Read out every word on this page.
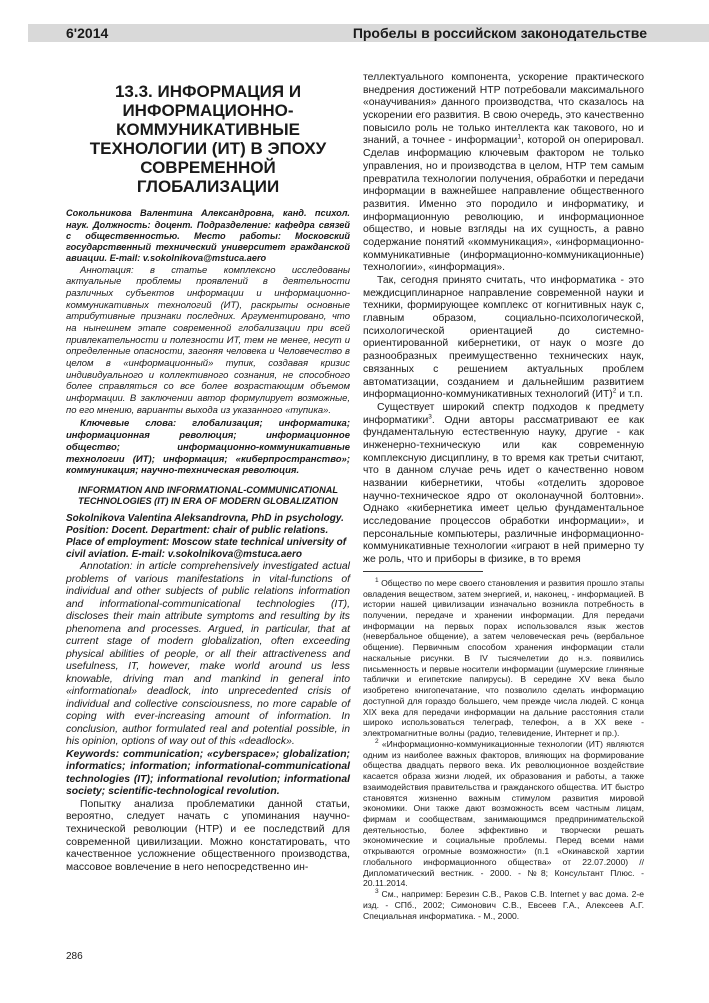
6'2014	Пробелы в российском законодательстве
13.3. ИНФОРМАЦИЯ И ИНФОРМАЦИОННО-КОММУНИКАТИВНЫЕ ТЕХНОЛОГИИ (ИТ) В ЭПОХУ СОВРЕМЕННОЙ ГЛОБАЛИЗАЦИИ

Сокольникова Валентина Александровна, канд. психол. наук. Должность: доцент. Подразделение: кафедра связей с общественностью. Место работы: Московский государственный технический университет гражданской авиации. E-mail: v.sokolnikova@mstuca.aero

Аннотация: в статье комплексно исследованы актуальные проблемы проявлений в деятельности различных субъектов информации и информационно-коммуникативных технологий (ИТ), раскрыты основные атрибутивные признаки последних. Аргументировано, что на нынешнем этапе современной глобализации при всей привлекательности и полезности ИТ, тем не менее, несут и определенные опасности, загоняя человека и Человечество в целом в «информационный» тупик, создавая кризис индивидуального и коллективного сознания, не способного более справляться со все более возрастающим объемом информации. В заключении автор формулирует возможные, по его мнению, варианты выхода из указанного «тупика».

Ключевые слова: глобализация; информатика; информационная революция; информационное общество; информационно-коммуникативные технологии (ИТ); информация; «киберпространство»; коммуникация; научно-техническая революция.

INFORMATION AND INFORMATIONAL-COMMUNICATIONAL TECHNOLOGIES (IT) IN ERA OF MODERN GLOBALIZATION

Sokolnikova Valentina Aleksandrovna, PhD in psychology. Position: Docent. Department: chair of public relations. Place of employment: Moscow state technical university of civil aviation. E-mail: v.sokolnikova@mstuca.aero

Annotation: in article comprehensively investigated actual problems of various manifestations in vital-functions of individual and other subjects of public relations information and informational-communicational technologies (IT), discloses their main attribute symptoms and resulting by its phenomena and processes. Argued, in particular, that at current stage of modern globalization, often exceeding physical abilities of people, or all their attractiveness and usefulness, IT, however, make world around us less knowable, driving man and mankind in general into «informational» deadlock, into unprecedented crisis of individual and collective consciousness, no more capable of coping with ever-increasing amount of information. In conclusion, author formulated real and potential possible, in his opinion, options of way out of this «deadlock».

Keywords: communication; «cyberspace»; globalization; informatics; information; informational-communicational technologies (IT); informational revolution; informational society; scientific-technological revolution.

Попытку анализа проблематики данной статьи, вероятно, следует начать с упоминания научно-технической революции (НТР) и ее последствий для современной цивилизации. Можно констатировать, что качественное усложнение общественного производства, массовое вовлечение в него непосредственно ин-

теллектуального компонента, ускорение практического внедрения достижений НТР потребовали максимального «онаучивания» данного производства, что сказалось на ускорении его развития. В свою очередь, это качественно повысило роль не только интеллекта как такового, но и знаний, а точнее - информации$^1$, которой он оперировал. Сделав информацию ключевым фактором не только управления, но и производства в целом, НТР тем самым превратила технологии получения, обработки и передачи информации в важнейшее направление общественного развития. Именно это породило и информатику, и информационную революцию, и информационное общество, и новые взгляды на их сущность, а равно содержание понятий «коммуникация», «информационно-коммуникативные (информационно-коммуникационные) технологии», «информация».

Так, сегодня принято считать, что информатика - это междисциплинарное направление современной науки и техники, формирующее комплекс от когнитивных наук с, главным образом, социально-психологической, психологической ориентацией до системно-ориентированной кибернетики, от наук о мозге до разнообразных преимущественно технических наук, связанных с решением актуальных проблем автоматизации, созданием и дальнейшим развитием информационно-коммуникативных технологий (ИТ)$^2$ и т.п.

Существует широкий спектр подходов к предмету информатики$^3$. Одни авторы рассматривают ее как фундаментальную естественную науку, другие - как инженерно-техническую или как современную комплексную дисциплину, в то время как третьи считают, что в данном случае речь идет о качественно новом названии кибернетики, чтобы «отделить здоровое научно-техническое ядро от околонаучной болтовни». Однако «кибернетика имеет целью фундаментальное исследование процессов обработки информации», и персональные компьютеры, различные информационно-коммуникативные технологии «играют в ней примерно ту же роль, что и приборы в физике, в то время

$^1$ Общество по мере своего становления и развития прошло этапы овладения веществом, затем энергией, и, наконец, - информацией. В истории нашей цивилизации изначально возникла потребность в получении, передаче и хранении информации. Для передачи информации на первых порах использовался язык жестов (невербальное общение), а затем человеческая речь (вербальное общение). Первичным способом хранения информации стали наскальные рисунки. В IV тысячелетии до н.э. появились письменность и первые носители информации (шумерские глиняные таблички и египетские папирусы). В середине XV века было изобретено книгопечатание, что позволило сделать информацию доступной для гораздо большего, чем прежде числа людей. С конца XIX века для передачи информации на дальние расстояния стали широко использоваться телеграф, телефон, а в XX веке - электромагнитные волны (радио, телевидение, Интернет и пр.).

$^2$ «Информационно-коммуникационные технологии (ИТ) являются одним из наиболее важных факторов, влияющих на формирование общества двадцать первого века. Их революционное воздействие касается образа жизни людей, их образования и работы, а также взаимодействия правительства и гражданского общества. ИТ быстро становятся жизненно важным стимулом развития мировой экономики. Они также дают возможность всем частным лицам, фирмам и сообществам, занимающимся предпринимательской деятельностью, более эффективно и творчески решать экономические и социальные проблемы. Перед всеми нами открываются огромные возможности» (п.1 «Окинавской хартии глобального информационного общества» от 22.07.2000) //Дипломатический вестник. - 2000. - №8; Консультант Плюс. - 20.11.2014.

$^3$ См., например: Березин С.В., Раков С.В. Internet у вас дома. 2-е изд. - СПб., 2002; Симонович С.В., Евсеев Г.А., Алексеев А.Г. Специальная информатика. - М., 2000.

286
